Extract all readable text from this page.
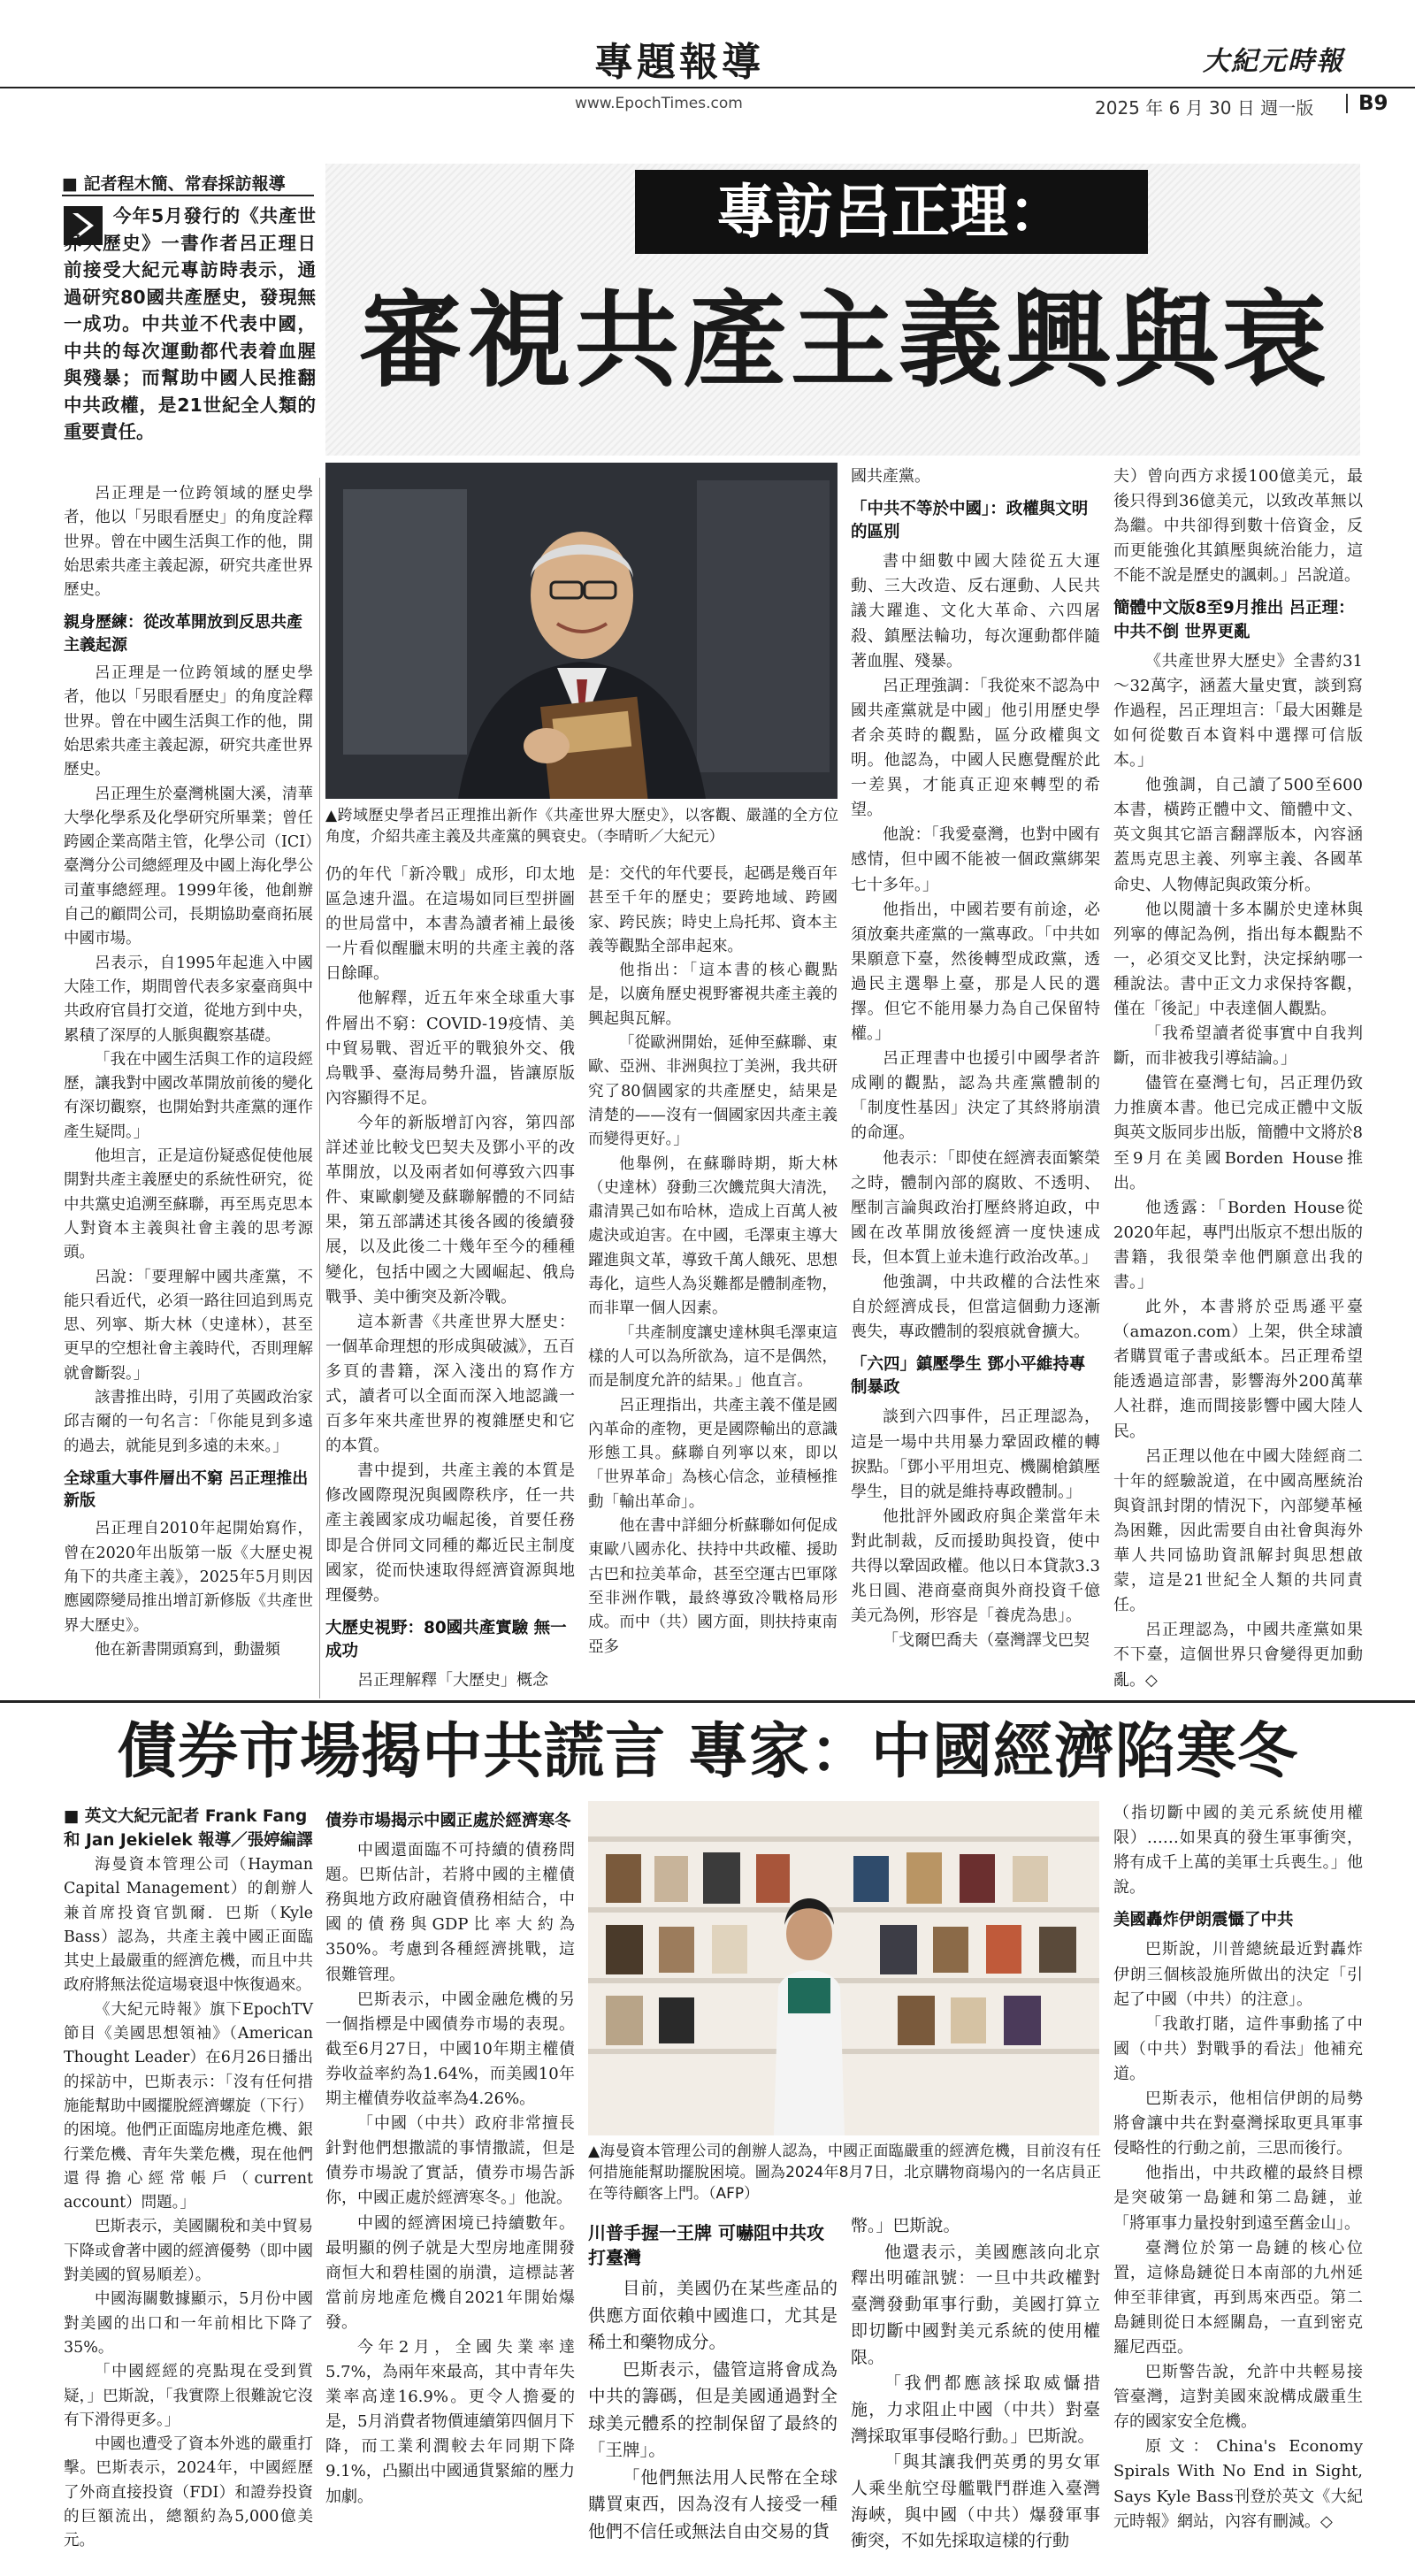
專題報導
www.EpochTimes.com
大紀元時報
2025 年 6 月 30 日 週一版 B9
■ 記者程木簡、常春採訪報導
今年5月發行的《共產世界大歷史》一書作者呂正理日前接受大紀元專訪時表示，通過研究80國共產歷史，發現無一成功。中共並不代表中國，中共的每次運動都代表着血腥與殘暴；而幫助中國人民推翻中共政權，是21世紀全人類的重要責任。
專訪呂正理：
審視共產主義興與衰
▲跨域歷史學者呂正理推出新作《共產世界大歷史》，以客觀、嚴謹的全方位角度，介紹共產主義及共產黨的興衰史。（李晴昕／大紀元）

呂正理是一位跨領域的歷史學者，他以「另眼看歷史」的角度詮釋世界。曾在中國生活與工作的他，開始思索共產主義起源，研究共產世界歷史。

親身歷練：從改革開放到反思共產主義起源

呂正理是一位跨領域的歷史學者，他以「另眼看歷史」的角度詮釋世界。曾在中國生活與工作的他，開始思索共產主義起源，研究共產世界歷史。

呂正理生於臺灣桃園大溪，清華大學化學系及化學研究所畢業；曾任跨國企業高階主管，化學公司（ICI）臺灣分公司總經理及中國上海化學公司董事總經理。1999年後，他創辦自己的顧問公司，長期協助臺商拓展中國市場。

呂表示，自1995年起進入中國大陸工作，期間曾代表多家臺商與中共政府官員打交道，從地方到中央，累積了深厚的人脈與觀察基礎。

「我在中國生活與工作的這段經歷，讓我對中國改革開放前後的變化有深切觀察，也開始對共產黨的運作產生疑問。」

他坦言，正是這份疑惑促使他展開對共產主義歷史的系統性研究，從中共黨史追溯至蘇聯，再至馬克思本人對資本主義與社會主義的思考源頭。

呂說：「要理解中國共產黨，不能只看近代，必須一路往回追到馬克思、列寧、斯大林（史達林），甚至更早的空想社會主義時代，否則理解就會斷裂。」

該書推出時，引用了英國政治家邱吉爾的一句名言：「你能見到多遠的過去，就能見到多遠的未來。」

全球重大事件層出不窮 呂正理推出新版

呂正理自2010年起開始寫作，曾在2020年出版第一版《大歷史視角下的共產主義》，2025年5月則因應國際變局推出增訂新修版《共產世界大歷史》。

他在新書開頭寫到，動盪頻

仍的年代「新冷戰」成形，印太地區急速升溫。在這場如同巨型拼圖的世局當中，本書為讀者補上最後一片看似醒臘末明的共產主義的落日餘暉。

他解釋，近五年來全球重大事件層出不窮：COVID-19疫情、美中貿易戰、習近平的戰狼外交、俄烏戰爭、臺海局勢升溫，皆讓原版內容顯得不足。

今年的新版增訂內容，第四部詳述並比較戈巴契夫及鄧小平的改革開放，以及兩者如何導致六四事件、東歐劇變及蘇聯解體的不同結果，第五部講述其後各國的後續發展，以及此後二十幾年至今的種種變化，包括中國之大國崛起、俄烏戰爭、美中衝突及新冷戰。

這本新書《共產世界大歷史：一個革命理想的形成與破滅》，五百多頁的書籍，深入淺出的寫作方式，讀者可以全面而深入地認識一百多年來共產世界的複雜歷史和它的本質。

書中提到，共產主義的本質是修改國際現況與國際秩序，任一共產主義國家成功崛起後，首要任務即是合併同文同種的鄰近民主制度國家，從而快速取得經濟資源與地理優勢。

大歷史視野：80國共產實驗 無一成功

呂正理解釋「大歷史」概念

是：交代的年代要長，起碼是幾百年甚至千年的歷史；要跨地域、跨國家、跨民族；時史上烏托邦、資本主義等觀點全部串起來。

他指出：「這本書的核心觀點是，以廣角歷史視野審視共產主義的興起與瓦解。

「從歐洲開始，延伸至蘇聯、東歐、亞洲、非洲與拉丁美洲，我共研究了80個國家的共產歷史，結果是清楚的——沒有一個國家因共產主義而變得更好。」

他舉例，在蘇聯時期，斯大林（史達林）發動三次饑荒與大清洗，肅清異己如布哈林，造成上百萬人被處決或迫害。在中國，毛澤東主導大躍進與文革，導致千萬人餓死、思想毒化，這些人為災難都是體制產物，而非單一個人因素。

「共產制度讓史達林與毛澤東這樣的人可以為所欲為，這不是偶然，而是制度允許的結果。」他直言。

呂正理指出，共產主義不僅是國內革命的產物，更是國際輸出的意識形態工具。蘇聯自列寧以來，即以「世界革命」為核心信念，並積極推動「輸出革命」。

他在書中詳細分析蘇聯如何促成東歐八國赤化、扶持中共政權、援助古巴和拉美革命，甚至空運古巴軍隊至非洲作戰，最終導致冷戰格局形成。而中（共）國方面，則扶持東南亞多

國共產黨。

「中共不等於中國」：政權與文明的區別

書中細數中國大陸從五大運動、三大改造、反右運動、人民共議大躍進、文化大革命、六四屠殺、鎮壓法輪功，每次運動都伴隨著血腥、殘暴。

呂正理強調：「我從來不認為中國共產黨就是中國」他引用歷史學者余英時的觀點，區分政權與文明。他認為，中國人民應覺醒於此一差異，才能真正迎來轉型的希望。

他說：「我愛臺灣，也對中國有感情，但中國不能被一個政黨綁架七十多年。」

他指出，中國若要有前途，必須放棄共產黨的一黨專政。「中共如果願意下臺，然後轉型成政黨，透過民主選舉上臺，那是人民的選擇。但它不能用暴力為自己保留特權。」

呂正理書中也援引中國學者許成剛的觀點，認為共產黨體制的「制度性基因」決定了其終將崩潰的命運。

他表示：「即使在經濟表面繁榮之時，體制內部的腐敗、不透明、壓制言論與政治打壓終將迫政，中國在改革開放後經濟一度快速成長，但本質上並未進行政治改革。」

他強調，中共政權的合法性來自於經濟成長，但當這個動力逐漸喪失，專政體制的裂痕就會擴大。

「六四」鎮壓學生 鄧小平維持專制暴政

談到六四事件，呂正理認為，這是一場中共用暴力鞏固政權的轉捩點。「鄧小平用坦克、機關槍鎮壓學生，目的就是維持專政體制。」

他批評外國政府與企業當年未對此制裁，反而援助與投資，使中共得以鞏固政權。他以日本貸款3.3兆日圓、港商臺商與外商投資千億美元為例，形容是「養虎為患」。

「戈爾巴喬夫（臺灣譯戈巴契

夫）曾向西方求援100億美元，最後只得到36億美元，以致改革無以為繼。中共卻得到數十倍資金，反而更能強化其鎮壓與統治能力，這不能不說是歷史的諷刺。」呂說道。

簡體中文版8至9月推出 呂正理：中共不倒 世界更亂

《共產世界大歷史》全書約31～32萬字，涵蓋大量史實，談到寫作過程，呂正理坦言：「最大困難是如何從數百本資料中選擇可信版本。」

他強調，自己讀了500至600本書，橫跨正體中文、簡體中文、英文與其它語言翻譯版本，內容涵蓋馬克思主義、列寧主義、各國革命史、人物傳記與政策分析。

他以閱讀十多本關於史達林與列寧的傳記為例，指出每本觀點不一，必須交叉比對，決定採納哪一種說法。書中正文力求保持客觀，僅在「後記」中表達個人觀點。

「我希望讀者從事實中自我判斷，而非被我引導結論。」

儘管在臺灣七旬，呂正理仍致力推廣本書。他已完成正體中文版與英文版同步出版，簡體中文將於8至9月在美國Borden House推出。

他透露：「Borden House從2020年起，專門出版京不想出版的書籍，我很榮幸他們願意出我的書。」

此外，本書將於亞馬遜平臺（amazon.com）上架，供全球讀者購買電子書或紙本。呂正理希望能透過這部書，影響海外200萬華人社群，進而間接影響中國大陸人民。

呂正理以他在中國大陸經商二十年的經驗說道，在中國高壓統治與資訊封閉的情況下，內部變革極為困難，因此需要自由社會與海外華人共同協助資訊解封與思想啟蒙，這是21世紀全人類的共同責任。

呂正理認為，中國共產黨如果不下臺，這個世界只會變得更加動亂。◇

債券市場揭中共謊言 專家：中國經濟陷寒冬
■ 英文大紀元記者 Frank Fang 和 Jan Jekielek 報導／張婷編譯
▲海曼資本管理公司的創辦人認為，中國正面臨嚴重的經濟危機，目前沒有任何措施能幫助擺脫困境。圖為2024年8月7日，北京購物商場內的一名店員正在等待顧客上門。（AFP）

海曼資本管理公司（Hayman Capital Management）的創辦人兼首席投資官凱爾．巴斯（Kyle Bass）認為，共產主義中國正面臨其史上最嚴重的經濟危機，而且中共政府將無法從這場衰退中恢復過來。

《大紀元時報》旗下EpochTV節目《美國思想領袖》（American Thought Leader）在6月26日播出的採訪中，巴斯表示：「沒有任何措施能幫助中國擺脫經濟螺旋（下行）的困境。他們正面臨房地產危機、銀行業危機、青年失業危機，現在他們還得擔心經常帳戶（current account）問題。」

巴斯表示，美國關稅和美中貿易下降或會著中國的經濟優勢（即中國對美國的貿易順差）。

中國海關數據顯示，5月份中國對美國的出口和一年前相比下降了35%。

「中國經經的亮點現在受到質疑，」巴斯說，「我實際上很難說它沒有下滑得更多。」

中國也遭受了資本外逃的嚴重打擊。巴斯表示，2024年，中國經歷了外商直接投資（FDI）和證券投資的巨額流出，總額約為5,000億美元。

債券市場揭示中國正處於經濟寒冬

中國還面臨不可持續的債務問題。巴斯估計，若將中國的主權債務與地方政府融資債務相結合，中國的債務與GDP比率大約為350%。考慮到各種經濟挑戰，這很難管理。

巴斯表示，中國金融危機的另一個指標是中國債券市場的表現。截至6月27日，中國10年期主權債券收益率約為1.64%，而美國10年期主權債券收益率為4.26%。

「中國（中共）政府非常擅長針對他們想撒謊的事情撒謊，但是債券市場說了實話，債券市場告訴你，中國正處於經濟寒冬。」他說。

中國的經濟困境已持續數年。最明顯的例子就是大型房地產開發商恒大和碧桂園的崩潰，這標誌著當前房地產危機自2021年開始爆發。

今年2月，全國失業率達5.7%，為兩年來最高，其中青年失業率高達16.9%。更令人擔憂的是，5月消費者物價連續第四個月下降，而工業利潤較去年同期下降9.1%，凸顯出中國通貨緊縮的壓力加劇。

川普手握一王牌 可嚇阻中共攻打臺灣

目前，美國仍在某些產品的供應方面依賴中國進口，尤其是稀土和藥物成分。

巴斯表示，儘管這將會成為中共的籌碼，但是美國通過對全球美元體系的控制保留了最終的「王牌」。

「他們無法用人民幣在全球購買東西，因為沒有人接受一種他們不信任或無法自由交易的貨

幣。」巴斯說。

他還表示，美國應該向北京釋出明確訊號：一旦中共政權對臺灣發動軍事行動，美國打算立即切斷中國對美元系統的使用權限。

「我們都應該採取威懾措施，力求阻止中國（中共）對臺灣採取軍事侵略行動。」巴斯說。

「與其讓我們英勇的男女軍人乘坐航空母艦戰鬥群進入臺灣海峽，與中國（中共）爆發軍事衝突，不如先採取這樣的行動

（指切斷中國的美元系統使用權限）……如果真的發生軍事衝突，將有成千上萬的美軍士兵喪生。」他說。

美國轟炸伊朗震懾了中共

巴斯說，川普總統最近對轟炸伊朗三個核設施所做出的決定「引起了中國（中共）的注意」。

「我敢打賭，這件事動搖了中國（中共）對戰爭的看法」他補充道。

巴斯表示，他相信伊朗的局勢將會讓中共在對臺灣採取更具軍事侵略性的行動之前，三思而後行。

他指出，中共政權的最終目標是突破第一島鏈和第二島鏈，並「將軍事力量投射到遠至舊金山」。

臺灣位於第一島鏈的核心位置，這條島鏈從日本南部的九州延伸至菲律賓，再到馬來西亞。第二島鏈則從日本經關島，一直到密克羅尼西亞。

巴斯警告說，允許中共輕易接管臺灣，這對美國來說構成嚴重生存的國家安全危機。

原文：China's Economy Spirals With No End in Sight, Says Kyle Bass刊登於英文《大紀元時報》網站，內容有刪減。◇
